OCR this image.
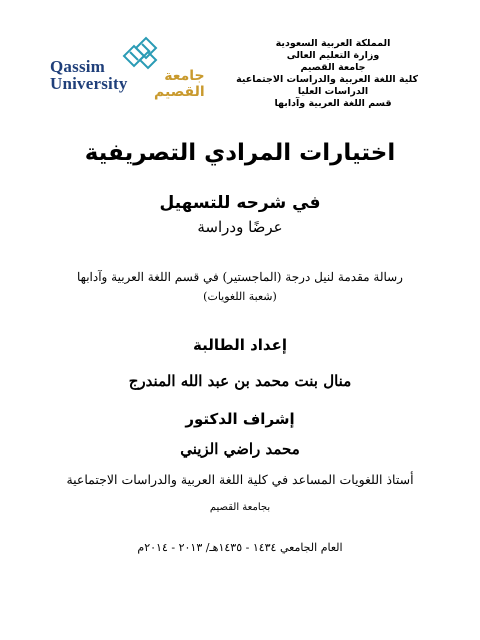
Qassim
University	جامعة القصيم
المملكة العربية السعودية
وزارة التعليم العالى
جامعة القصيم
كلية اللغة العربية والدراسات الاجتماعية
الدراسات العليا
قسم اللغة العربية وآدابها
اختيارات المرادي التصريفية
في شرحه للتسهيل
عرضًا ودراسة
رسالة مقدمة لنيل درجة (الماجستير) في قسم اللغة العربية وآدابها
(شعبة اللغويات)
إعداد الطالبة
منال بنت محمد بن عبد الله المندرج
إشراف الدكتور
محمد راضي الزيني
أستاذ اللغويات المساعد في كلية اللغة العربية والدراسات الاجتماعية
بجامعة القصيم
العام الجامعي ١٤٣٤ - ١٤٣٥هـ/ ٢٠١٣ - ٢٠١٤م
